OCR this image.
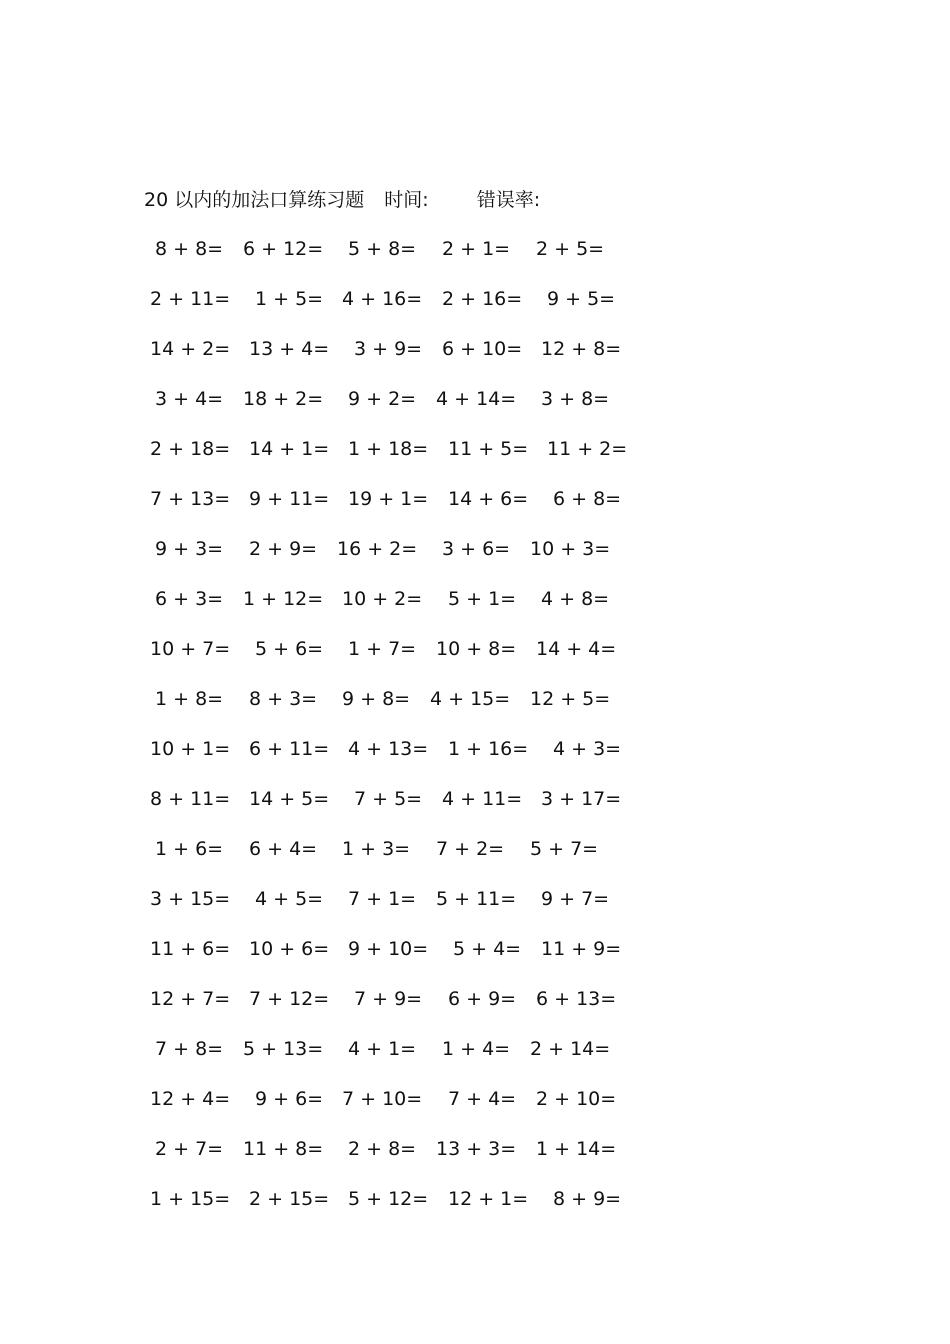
20 以内的加法口算练习题 时间:	错误率:
8 + 8= 6 + 12= 5 + 8= 2 + 1= 2 + 5=
2 + 11= 1 + 5= 4 + 16= 2 + 16= 9 + 5=
14 + 2= 13 + 4= 3 + 9= 6 + 10= 12 + 8=
3 + 4= 18 + 2= 9 + 2= 4 + 14= 3 + 8=
2 + 18= 14 + 1= 1 + 18= 11 + 5= 11 + 2=
7 + 13= 9 + 11= 19 + 1= 14 + 6= 6 + 8=
9 + 3= 2 + 9= 16 + 2= 3 + 6= 10 + 3=
6 + 3= 1 + 12= 10 + 2= 5 + 1= 4 + 8=
10 + 7= 5 + 6= 1 + 7= 10 + 8= 14 + 4=
1 + 8= 8 + 3= 9 + 8= 4 + 15= 12 + 5=
10 + 1= 6 + 11= 4 + 13= 1 + 16= 4 + 3=
8 + 11= 14 + 5= 7 + 5= 4 + 11= 3 + 17=
1 + 6= 6 + 4= 1 + 3= 7 + 2= 5 + 7=
3 + 15= 4 + 5= 7 + 1= 5 + 11= 9 + 7=
11 + 6= 10 + 6= 9 + 10= 5 + 4= 11 + 9=
12 + 7= 7 + 12= 7 + 9= 6 + 9= 6 + 13=
7 + 8= 5 + 13= 4 + 1= 1 + 4= 2 + 14=
12 + 4= 9 + 6= 7 + 10= 7 + 4= 2 + 10=
2 + 7= 11 + 8= 2 + 8= 13 + 3= 1 + 14=
1 + 15= 2 + 15= 5 + 12= 12 + 1= 8 + 9=
